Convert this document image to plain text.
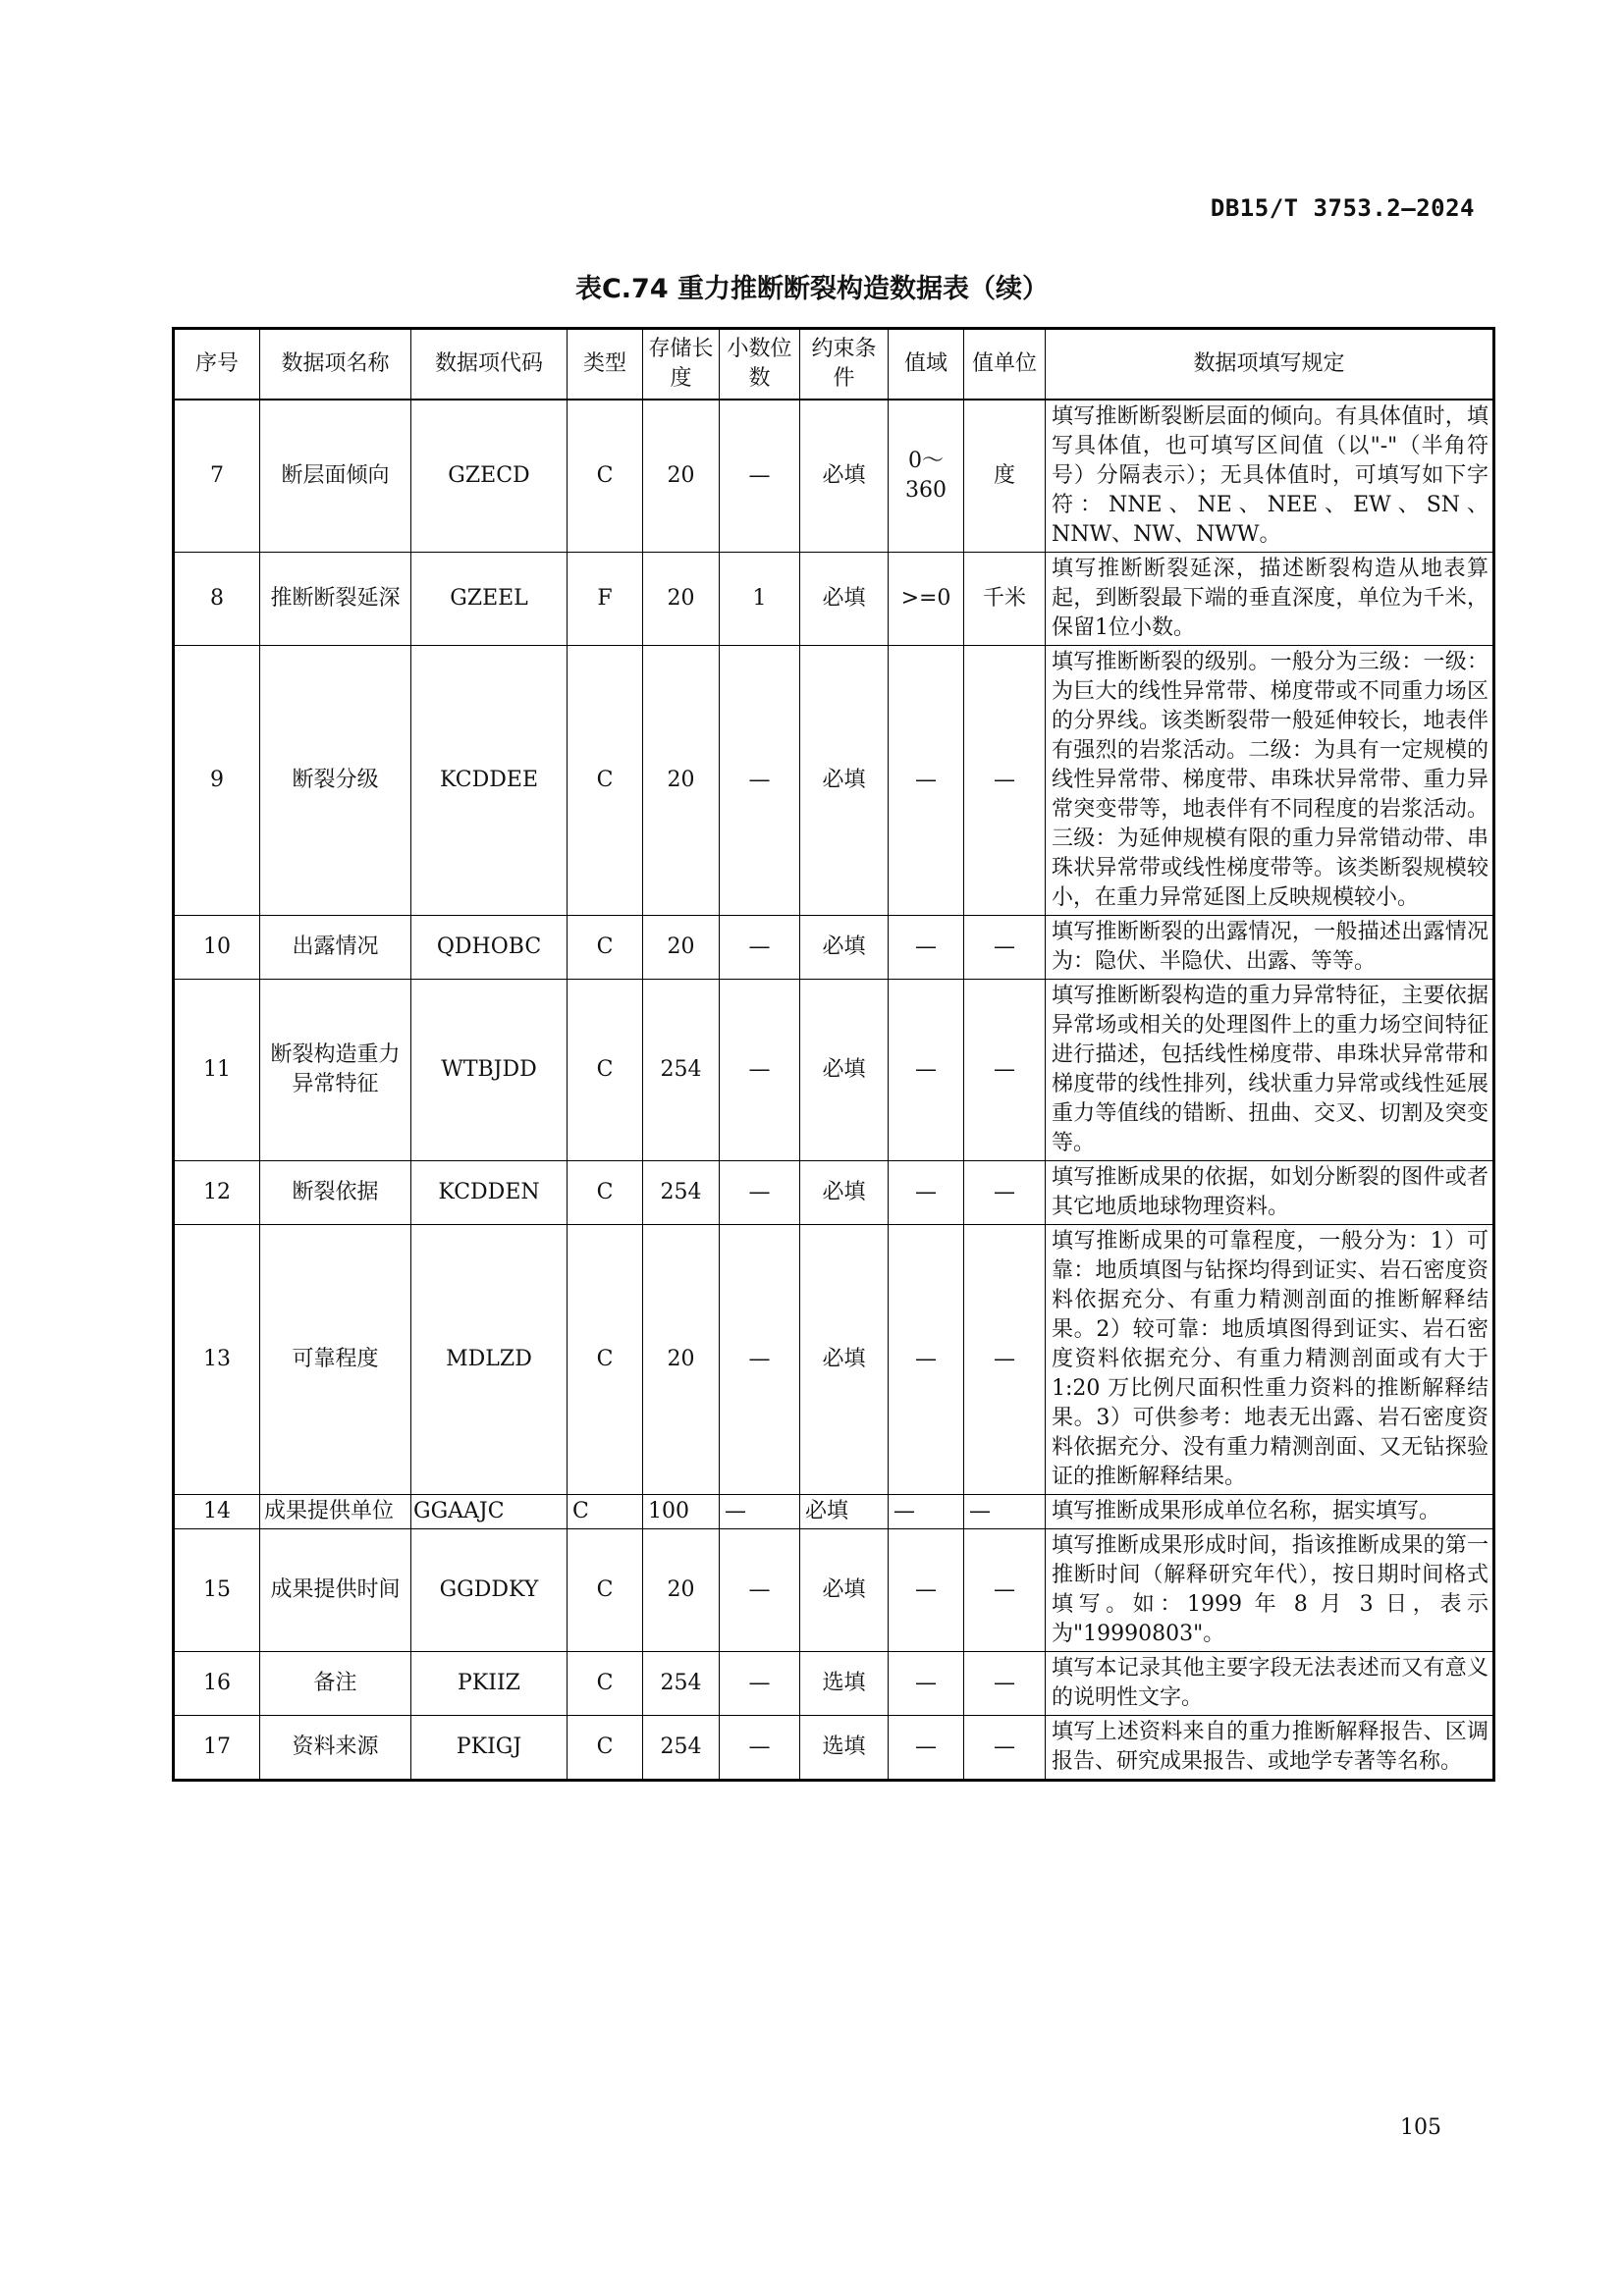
DB15/T 3753.2—2024
表C.74 重力推断断裂构造数据表（续）
序号	数据项名称	数据项代码	类型	存储长度	小数位数	约束条件	值域	值单位	数据项填写规定
7	断层面倾向	GZECD	C	20	—	必填	0～360	度	填写推断断裂断层面的倾向。有具体值时，填写具体值，也可填写区间值（以"-"（半角符号）分隔表示）；无具体值时，可填写如下字符：NNE、NE、NEE、EW、SN、NNW、NW、NWW。
8	推断断裂延深	GZEEL	F	20	1	必填	>=0	千米	填写推断断裂延深，描述断裂构造从地表算起，到断裂最下端的垂直深度，单位为千米，保留1位小数。
9	断裂分级	KCDDEE	C	20	—	必填	—	—	填写推断断裂的级别。一般分为三级：一级：为巨大的线性异常带、梯度带或不同重力场区的分界线。该类断裂带一般延伸较长，地表伴有强烈的岩浆活动。二级：为具有一定规模的线性异常带、梯度带、串珠状异常带、重力异常突变带等，地表伴有不同程度的岩浆活动。三级：为延伸规模有限的重力异常错动带、串珠状异常带或线性梯度带等。该类断裂规模较小，在重力异常延图上反映规模较小。
10	出露情况	QDHOBC	C	20	—	必填	—	—	填写推断断裂的出露情况，一般描述出露情况为：隐伏、半隐伏、出露、等等。
11	断裂构造重力异常特征	WTBJDD	C	254	—	必填	—	—	填写推断断裂构造的重力异常特征，主要依据异常场或相关的处理图件上的重力场空间特征进行描述，包括线性梯度带、串珠状异常带和梯度带的线性排列，线状重力异常或线性延展重力等值线的错断、扭曲、交叉、切割及突变等。
12	断裂依据	KCDDEN	C	254	—	必填	—	—	填写推断成果的依据，如划分断裂的图件或者其它地质地球物理资料。
13	可靠程度	MDLZD	C	20	—	必填	—	—	填写推断成果的可靠程度，一般分为：1）可靠：地质填图与钻探均得到证实、岩石密度资料依据充分、有重力精测剖面的推断解释结果。2）较可靠：地质填图得到证实、岩石密度资料依据充分、有重力精测剖面或有大于 1:20 万比例尺面积性重力资料的推断解释结果。3）可供参考：地表无出露、岩石密度资料依据充分、没有重力精测剖面、又无钻探验证的推断解释结果。
14	成果提供单位	GGAAJC	C	100	—	必填	—	—	填写推断成果形成单位名称，据实填写。
15	成果提供时间	GGDDKY	C	20	—	必填	—	—	填写推断成果形成时间，指该推断成果的第一推断时间（解释研究年代），按日期时间格式填写。如：1999 年 8 月 3 日，表示为"19990803"。
16	备注	PKIIZ	C	254	—	选填	—	—	填写本记录其他主要字段无法表述而又有意义的说明性文字。
17	资料来源	PKIGJ	C	254	—	选填	—	—	填写上述资料来自的重力推断解释报告、区调报告、研究成果报告、或地学专著等名称。
105
